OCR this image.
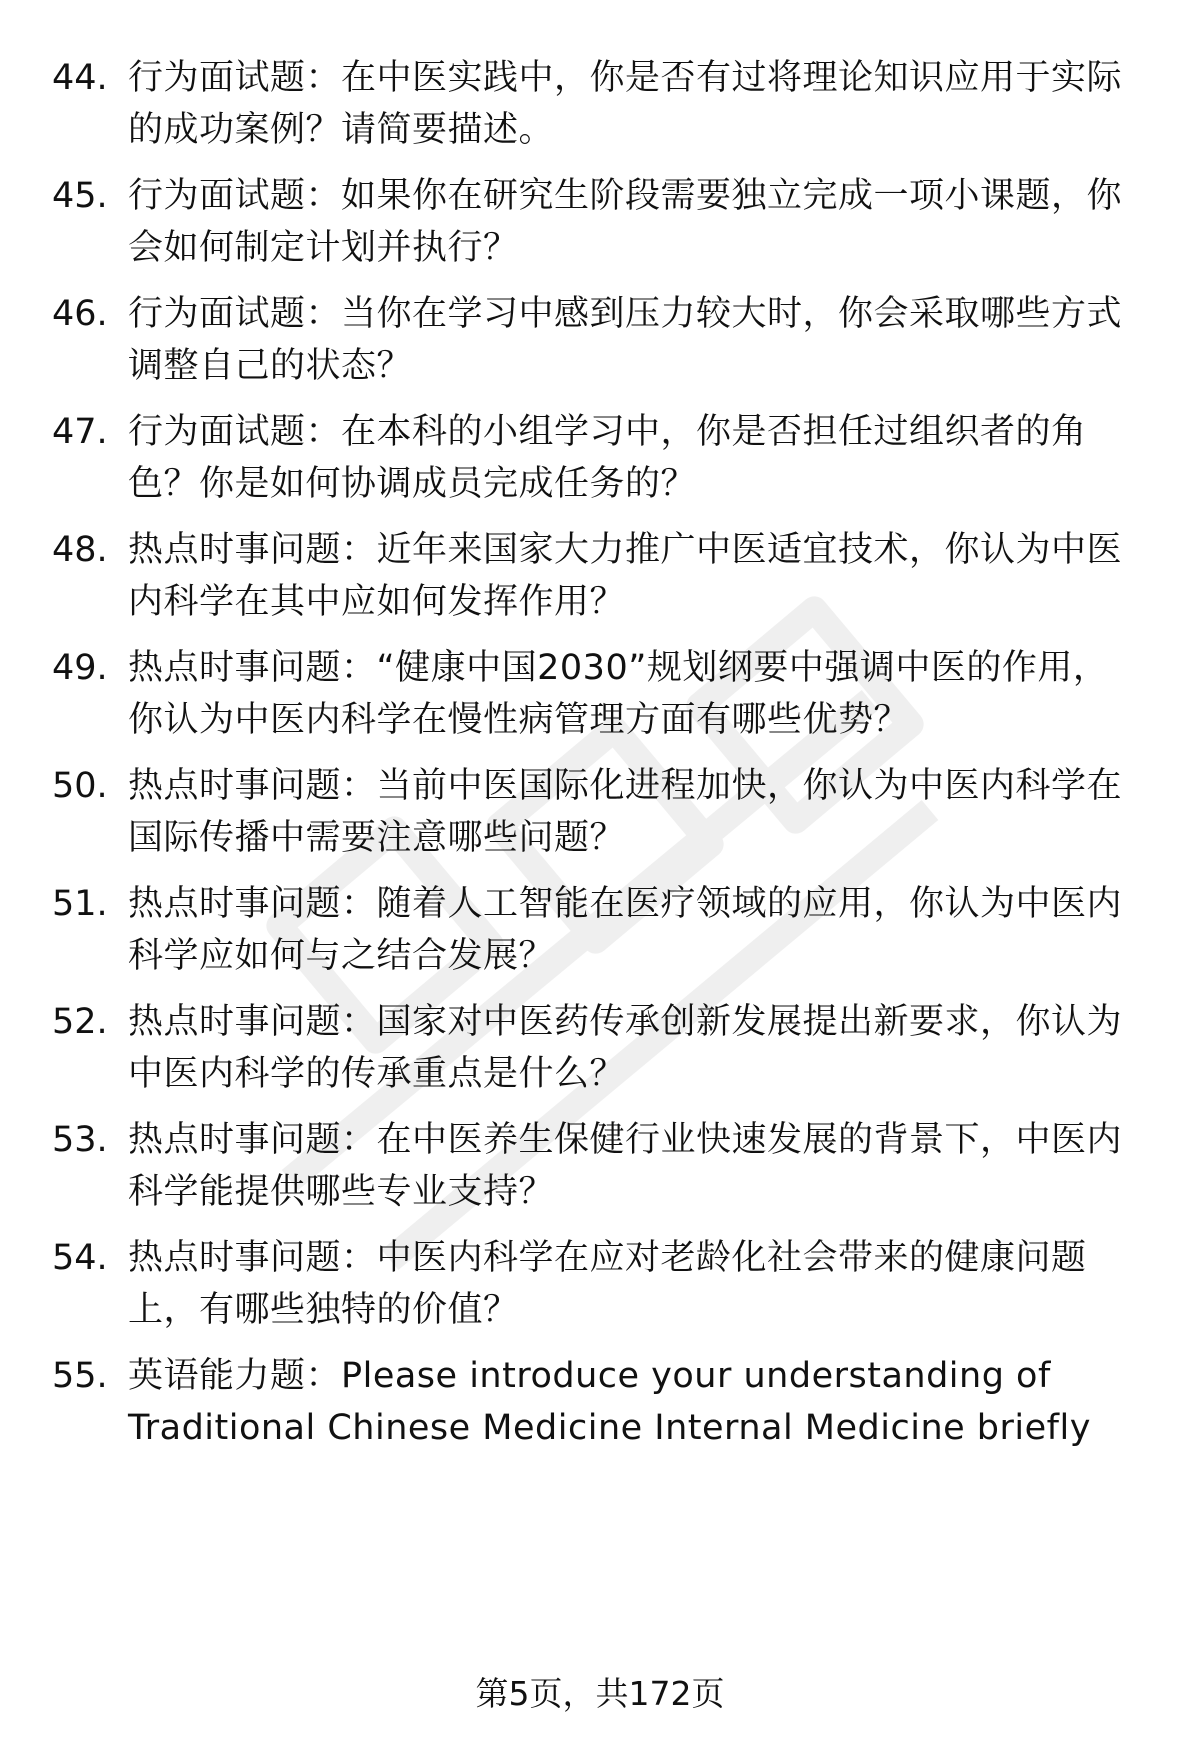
44. 行为面试题：在中医实践中，你是否有过将理论知识应用于实际
的成功案例？请简要描述。
45. 行为面试题：如果你在研究生阶段需要独立完成一项小课题，你
会如何制定计划并执行？
46. 行为面试题：当你在学习中感到压力较大时，你会采取哪些方式
调整自己的状态？
47. 行为面试题：在本科的小组学习中，你是否担任过组织者的角
色？你是如何协调成员完成任务的？
48. 热点时事问题：近年来国家大力推广中医适宜技术，你认为中医
内科学在其中应如何发挥作用？
49. 热点时事问题：“健康中国2030”规划纲要中强调中医的作用，
你认为中医内科学在慢性病管理方面有哪些优势？
50. 热点时事问题：当前中医国际化进程加快，你认为中医内科学在
国际传播中需要注意哪些问题？
51. 热点时事问题：随着人工智能在医疗领域的应用，你认为中医内
科学应如何与之结合发展？
52. 热点时事问题：国家对中医药传承创新发展提出新要求，你认为
中医内科学的传承重点是什么？
53. 热点时事问题：在中医养生保健行业快速发展的背景下，中医内
科学能提供哪些专业支持？
54. 热点时事问题：中医内科学在应对老龄化社会带来的健康问题
上，有哪些独特的价值？
55. 英语能力题：Please introduce your understanding of
Traditional Chinese Medicine Internal Medicine briefly
第5页，共172页
